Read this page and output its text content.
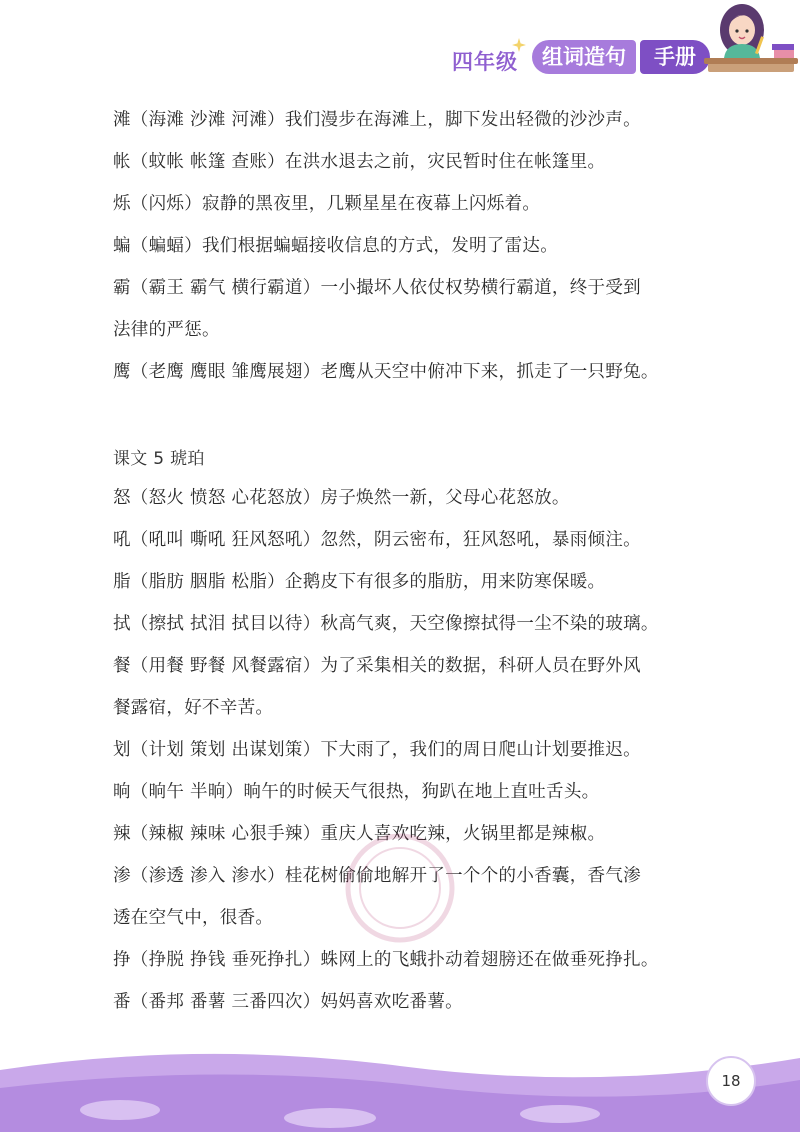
四年级	组词造句	手册
滩（海滩 沙滩 河滩）我们漫步在海滩上，脚下发出轻微的沙沙声。
帐（蚊帐 帐篷 查账）在洪水退去之前，灾民暂时住在帐篷里。
烁（闪烁）寂静的黑夜里，几颗星星在夜幕上闪烁着。
蝙（蝙蝠）我们根据蝙蝠接收信息的方式，发明了雷达。
霸（霸王 霸气 横行霸道）一小撮坏人依仗权势横行霸道，终于受到
法律的严惩。
鹰（老鹰 鹰眼 雏鹰展翅）老鹰从天空中俯冲下来，抓走了一只野兔。
课文 5 琥珀
怒（怒火 愤怒 心花怒放）房子焕然一新，父母心花怒放。
吼（吼叫 嘶吼 狂风怒吼）忽然，阴云密布，狂风怒吼，暴雨倾注。
脂（脂肪 胭脂 松脂）企鹅皮下有很多的脂肪，用来防寒保暖。
拭（擦拭 拭泪 拭目以待）秋高气爽，天空像擦拭得一尘不染的玻璃。
餐（用餐 野餐 风餐露宿）为了采集相关的数据，科研人员在野外风
餐露宿，好不辛苦。
划（计划 策划 出谋划策）下大雨了，我们的周日爬山计划要推迟。
晌（晌午 半晌）晌午的时候天气很热，狗趴在地上直吐舌头。
辣（辣椒 辣味 心狠手辣）重庆人喜欢吃辣，火锅里都是辣椒。
渗（渗透 渗入 渗水）桂花树偷偷地解开了一个个的小香囊，香气渗
透在空气中，很香。
挣（挣脱 挣钱 垂死挣扎）蛛网上的飞蛾扑动着翅膀还在做垂死挣扎。
番（番邦 番薯 三番四次）妈妈喜欢吃番薯。
18
